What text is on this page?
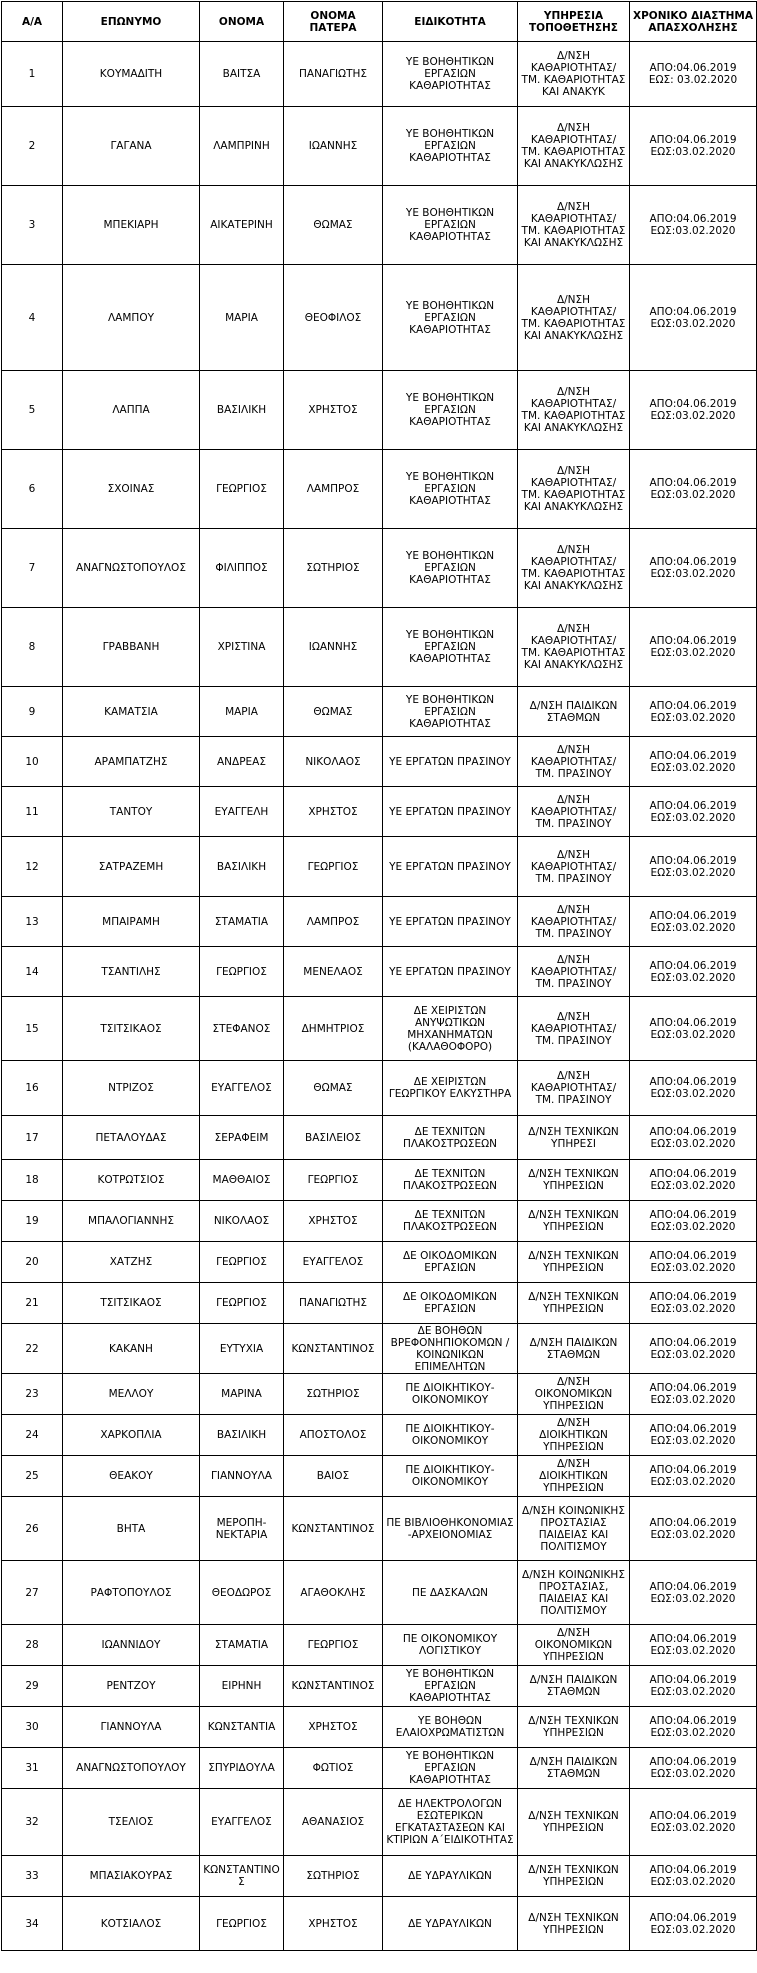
Α/Α	ΕΠΩΝΥΜΟ	ΟΝΟΜΑ	ΟΝΟΜΑ ΠΑΤΕΡΑ	ΕΙΔΙΚΟΤΗΤΑ	ΥΠΗΡΕΣΙΑ ΤΟΠΟΘΕΤΗΣΗΣ	ΧΡΟΝΙΚΟ ΔΙΑΣΤΗΜΑ ΑΠΑΣΧΟΛΗΣΗΣ
1	ΚΟΥΜΑΔΙΤΗ	ΒΑΙΤΣΑ	ΠΑΝΑΓΙΩΤΗΣ	ΥΕ ΒΟΗΘΗΤΙΚΩΝ ΕΡΓΑΣΙΩΝ ΚΑΘΑΡΙΟΤΗΤΑΣ	Δ/ΝΣΗ ΚΑΘΑΡΙΟΤΗΤΑΣ/ ΤΜ. ΚΑΘΑΡΙΟΤΗΤΑΣ ΚΑΙ ΑΝΑΚΥΚ	ΑΠΟ:04.06.2019
ΕΩΣ: 03.02.2020

2	ΓΑΓΑΝΑ	ΛΑΜΠΡΙΝΗ	ΙΩΑΝΝΗΣ	ΥΕ ΒΟΗΘΗΤΙΚΩΝ ΕΡΓΑΣΙΩΝ ΚΑΘΑΡΙΟΤΗΤΑΣ	Δ/ΝΣΗ ΚΑΘΑΡΙΟΤΗΤΑΣ/ ΤΜ. ΚΑΘΑΡΙΟΤΗΤΑΣ ΚΑΙ ΑΝΑΚΥΚΛΩΣΗΣ	ΑΠΟ:04.06.2019
ΕΩΣ:03.02.2020

3	ΜΠΕΚΙΑΡΗ	ΑΙΚΑΤΕΡΙΝΗ	ΘΩΜΑΣ	ΥΕ ΒΟΗΘΗΤΙΚΩΝ ΕΡΓΑΣΙΩΝ ΚΑΘΑΡΙΟΤΗΤΑΣ	Δ/ΝΣΗ ΚΑΘΑΡΙΟΤΗΤΑΣ/ ΤΜ. ΚΑΘΑΡΙΟΤΗΤΑΣ ΚΑΙ ΑΝΑΚΥΚΛΩΣΗΣ	ΑΠΟ:04.06.2019
ΕΩΣ:03.02.2020

4	ΛΑΜΠΟΥ	ΜΑΡΙΑ	ΘΕΟΦΙΛΟΣ	ΥΕ ΒΟΗΘΗΤΙΚΩΝ ΕΡΓΑΣΙΩΝ ΚΑΘΑΡΙΟΤΗΤΑΣ	Δ/ΝΣΗ ΚΑΘΑΡΙΟΤΗΤΑΣ/ ΤΜ. ΚΑΘΑΡΙΟΤΗΤΑΣ ΚΑΙ ΑΝΑΚΥΚΛΩΣΗΣ	ΑΠΟ:04.06.2019
ΕΩΣ:03.02.2020

5	ΛΑΠΠΑ	ΒΑΣΙΛΙΚΗ	ΧΡΗΣΤΟΣ	ΥΕ ΒΟΗΘΗΤΙΚΩΝ ΕΡΓΑΣΙΩΝ ΚΑΘΑΡΙΟΤΗΤΑΣ	Δ/ΝΣΗ ΚΑΘΑΡΙΟΤΗΤΑΣ/ ΤΜ. ΚΑΘΑΡΙΟΤΗΤΑΣ ΚΑΙ ΑΝΑΚΥΚΛΩΣΗΣ	ΑΠΟ:04.06.2019
ΕΩΣ:03.02.2020

6	ΣΧΟΙΝΑΣ	ΓΕΩΡΓΙΟΣ	ΛΑΜΠΡΟΣ	ΥΕ ΒΟΗΘΗΤΙΚΩΝ ΕΡΓΑΣΙΩΝ ΚΑΘΑΡΙΟΤΗΤΑΣ	Δ/ΝΣΗ ΚΑΘΑΡΙΟΤΗΤΑΣ/ ΤΜ. ΚΑΘΑΡΙΟΤΗΤΑΣ ΚΑΙ ΑΝΑΚΥΚΛΩΣΗΣ	ΑΠΟ:04.06.2019
ΕΩΣ:03.02.2020

7	ΑΝΑΓΝΩΣΤΟΠΟΥΛΟΣ	ΦΙΛΙΠΠΟΣ	ΣΩΤΗΡΙΟΣ	ΥΕ ΒΟΗΘΗΤΙΚΩΝ ΕΡΓΑΣΙΩΝ ΚΑΘΑΡΙΟΤΗΤΑΣ	Δ/ΝΣΗ ΚΑΘΑΡΙΟΤΗΤΑΣ/ ΤΜ. ΚΑΘΑΡΙΟΤΗΤΑΣ ΚΑΙ ΑΝΑΚΥΚΛΩΣΗΣ	ΑΠΟ:04.06.2019
ΕΩΣ:03.02.2020

8	ΓΡΑΒΒΑΝΗ	ΧΡΙΣΤΙΝΑ	ΙΩΑΝΝΗΣ	ΥΕ ΒΟΗΘΗΤΙΚΩΝ ΕΡΓΑΣΙΩΝ ΚΑΘΑΡΙΟΤΗΤΑΣ	Δ/ΝΣΗ ΚΑΘΑΡΙΟΤΗΤΑΣ/ ΤΜ. ΚΑΘΑΡΙΟΤΗΤΑΣ ΚΑΙ ΑΝΑΚΥΚΛΩΣΗΣ	ΑΠΟ:04.06.2019
ΕΩΣ:03.02.2020

9	ΚΑΜΑΤΣΙΑ	ΜΑΡΙΑ	ΘΩΜΑΣ	ΥΕ ΒΟΗΘΗΤΙΚΩΝ ΕΡΓΑΣΙΩΝ ΚΑΘΑΡΙΟΤΗΤΑΣ	Δ/ΝΣΗ ΠΑΙΔΙΚΩΝ ΣΤΑΘΜΩΝ	ΑΠΟ:04.06.2019
ΕΩΣ:03.02.2020

10	ΑΡΑΜΠΑΤΖΗΣ	ΑΝΔΡΕΑΣ	ΝΙΚΟΛΑΟΣ	ΥΕ ΕΡΓΑΤΩΝ ΠΡΑΣΙΝΟΥ	Δ/ΝΣΗ ΚΑΘΑΡΙΟΤΗΤΑΣ/ ΤΜ. ΠΡΑΣΙΝΟΥ	ΑΠΟ:04.06.2019
ΕΩΣ:03.02.2020

11	ΤΑΝΤΟΥ	ΕΥΑΓΓΕΛΗ	ΧΡΗΣΤΟΣ	ΥΕ ΕΡΓΑΤΩΝ ΠΡΑΣΙΝΟΥ	Δ/ΝΣΗ ΚΑΘΑΡΙΟΤΗΤΑΣ/ ΤΜ. ΠΡΑΣΙΝΟΥ	ΑΠΟ:04.06.2019
ΕΩΣ:03.02.2020

12	ΣΑΤΡΑΖΕΜΗ	ΒΑΣΙΛΙΚΗ	ΓΕΩΡΓΙΟΣ	ΥΕ ΕΡΓΑΤΩΝ ΠΡΑΣΙΝΟΥ	Δ/ΝΣΗ ΚΑΘΑΡΙΟΤΗΤΑΣ/ ΤΜ. ΠΡΑΣΙΝΟΥ	ΑΠΟ:04.06.2019
ΕΩΣ:03.02.2020

13	ΜΠΑΙΡΑΜΗ	ΣΤΑΜΑΤΙΑ	ΛΑΜΠΡΟΣ	ΥΕ ΕΡΓΑΤΩΝ ΠΡΑΣΙΝΟΥ	Δ/ΝΣΗ ΚΑΘΑΡΙΟΤΗΤΑΣ/ ΤΜ. ΠΡΑΣΙΝΟΥ	ΑΠΟ:04.06.2019
ΕΩΣ:03.02.2020

14	ΤΣΑΝΤΙΛΗΣ	ΓΕΩΡΓΙΟΣ	ΜΕΝΕΛΑΟΣ	ΥΕ ΕΡΓΑΤΩΝ ΠΡΑΣΙΝΟΥ	Δ/ΝΣΗ ΚΑΘΑΡΙΟΤΗΤΑΣ/ ΤΜ. ΠΡΑΣΙΝΟΥ	ΑΠΟ:04.06.2019
ΕΩΣ:03.02.2020

15	ΤΣΙΤΣΙΚΑΟΣ	ΣΤΕΦΑΝΟΣ	ΔΗΜΗΤΡΙΟΣ	ΔΕ ΧΕΙΡΙΣΤΩΝ ΑΝΥΨΩΤΙΚΩΝ ΜΗΧΑΝΗΜΑΤΩΝ (ΚΑΛΑΘΟΦΟΡΟ)	Δ/ΝΣΗ ΚΑΘΑΡΙΟΤΗΤΑΣ/ ΤΜ. ΠΡΑΣΙΝΟΥ	ΑΠΟ:04.06.2019
ΕΩΣ:03.02.2020

16	ΝΤΡΙΖΟΣ	ΕΥΑΓΓΕΛΟΣ	ΘΩΜΑΣ	ΔΕ ΧΕΙΡΙΣΤΩΝ ΓΕΩΡΓΙΚΟΥ ΕΛΚΥΣΤΗΡΑ	Δ/ΝΣΗ ΚΑΘΑΡΙΟΤΗΤΑΣ/ ΤΜ. ΠΡΑΣΙΝΟΥ	ΑΠΟ:04.06.2019
ΕΩΣ:03.02.2020

17	ΠΕΤΑΛΟΥΔΑΣ	ΣΕΡΑΦΕΙΜ	ΒΑΣΙΛΕΙΟΣ	ΔΕ ΤΕΧΝΙΤΩΝ ΠΛΑΚΟΣΤΡΩΣΕΩΝ	Δ/ΝΣΗ ΤΕΧΝΙΚΩΝ ΥΠΗΡΕΣΙ	ΑΠΟ:04.06.2019
ΕΩΣ:03.02.2020

18	ΚΟΤΡΩΤΣΙΟΣ	ΜΑΘΘΑΙΟΣ	ΓΕΩΡΓΙΟΣ	ΔΕ ΤΕΧΝΙΤΩΝ ΠΛΑΚΟΣΤΡΩΣΕΩΝ	Δ/ΝΣΗ ΤΕΧΝΙΚΩΝ ΥΠΗΡΕΣΙΩΝ	ΑΠΟ:04.06.2019
ΕΩΣ:03.02.2020

19	ΜΠΑΛΟΓΙΑΝΝΗΣ	ΝΙΚΟΛΑΟΣ	ΧΡΗΣΤΟΣ	ΔΕ ΤΕΧΝΙΤΩΝ ΠΛΑΚΟΣΤΡΩΣΕΩΝ	Δ/ΝΣΗ ΤΕΧΝΙΚΩΝ ΥΠΗΡΕΣΙΩΝ	ΑΠΟ:04.06.2019
ΕΩΣ:03.02.2020

20	ΧΑΤΖΗΣ	ΓΕΩΡΓΙΟΣ	ΕΥΑΓΓΕΛΟΣ	ΔΕ ΟΙΚΟΔΟΜΙΚΩΝ ΕΡΓΑΣΙΩΝ	Δ/ΝΣΗ ΤΕΧΝΙΚΩΝ ΥΠΗΡΕΣΙΩΝ	ΑΠΟ:04.06.2019
ΕΩΣ:03.02.2020

21	ΤΣΙΤΣΙΚΑΟΣ	ΓΕΩΡΓΙΟΣ	ΠΑΝΑΓΙΩΤΗΣ	ΔΕ ΟΙΚΟΔΟΜΙΚΩΝ ΕΡΓΑΣΙΩΝ	Δ/ΝΣΗ ΤΕΧΝΙΚΩΝ ΥΠΗΡΕΣΙΩΝ	ΑΠΟ:04.06.2019
ΕΩΣ:03.02.2020

22	ΚΑΚΑΝΗ	ΕΥΤΥΧΙΑ	ΚΩΝΣΤΑΝΤΙΝΟΣ	ΔΕ ΒΟΗΘΩΝ ΒΡΕΦΟΝΗΠΙΟΚΟΜΩΝ /ΚΟΙΝΩΝΙΚΩΝ ΕΠΙΜΕΛΗΤΩΝ	Δ/ΝΣΗ ΠΑΙΔΙΚΩΝ ΣΤΑΘΜΩΝ	ΑΠΟ:04.06.2019
ΕΩΣ:03.02.2020

23	ΜΕΛΛΟΥ	ΜΑΡΙΝΑ	ΣΩΤΗΡΙΟΣ	ΠΕ ΔΙΟΙΚΗΤΙΚΟΥ-ΟΙΚΟΝΟΜΙΚΟΥ	Δ/ΝΣΗ ΟΙΚΟΝΟΜΙΚΩΝ ΥΠΗΡΕΣΙΩΝ	ΑΠΟ:04.06.2019
ΕΩΣ:03.02.2020

24	ΧΑΡΚΟΠΛΙΑ	ΒΑΣΙΛΙΚΗ	ΑΠΟΣΤΟΛΟΣ	ΠΕ ΔΙΟΙΚΗΤΙΚΟΥ-ΟΙΚΟΝΟΜΙΚΟΥ	Δ/ΝΣΗ ΔΙΟΙΚΗΤΙΚΩΝ ΥΠΗΡΕΣΙΩΝ	ΑΠΟ:04.06.2019
ΕΩΣ:03.02.2020

25	ΘΕΑΚΟΥ	ΓΙΑΝΝΟΥΛΑ	ΒΑΙΟΣ	ΠΕ ΔΙΟΙΚΗΤΙΚΟΥ-ΟΙΚΟΝΟΜΙΚΟΥ	Δ/ΝΣΗ ΔΙΟΙΚΗΤΙΚΩΝ ΥΠΗΡΕΣΙΩΝ	ΑΠΟ:04.06.2019
ΕΩΣ:03.02.2020

26	ΒΗΤΑ	ΜΕΡΟΠΗ-ΝΕΚΤΑΡΙΑ	ΚΩΝΣΤΑΝΤΙΝΟΣ	ΠΕ ΒΙΒΛΙΟΘΗΚΟΝΟΜΙΑΣ -ΑΡΧΕΙΟΝΟΜΙΑΣ	Δ/ΝΣΗ ΚΟΙΝΩΝΙΚΗΣ ΠΡΟΣΤΑΣΙΑΣ ΠΑΙΔΕΙΑΣ ΚΑΙ ΠΟΛΙΤΙΣΜΟΥ	ΑΠΟ:04.06.2019
ΕΩΣ:03.02.2020

27	ΡΑΦΤΟΠΟΥΛΟΣ	ΘΕΟΔΩΡΟΣ	ΑΓΑΘΟΚΛΗΣ	ΠΕ ΔΑΣΚΑΛΩΝ	Δ/ΝΣΗ ΚΟΙΝΩΝΙΚΗΣ ΠΡΟΣΤΑΣΙΑΣ, ΠΑΙΔΕΙΑΣ ΚΑΙ ΠΟΛΙΤΙΣΜΟΥ	ΑΠΟ:04.06.2019
ΕΩΣ:03.02.2020

28	ΙΩΑΝΝΙΔΟΥ	ΣΤΑΜΑΤΙΑ	ΓΕΩΡΓΙΟΣ	ΠΕ ΟΙΚΟΝΟΜΙΚΟΥ ΛΟΓΙΣΤΙΚΟΥ	Δ/ΝΣΗ ΟΙΚΟΝΟΜΙΚΩΝ ΥΠΗΡΕΣΙΩΝ	ΑΠΟ:04.06.2019
ΕΩΣ:03.02.2020

29	ΡΕΝΤΖΟΥ	ΕΙΡΗΝΗ	ΚΩΝΣΤΑΝΤΙΝΟΣ	ΥΕ ΒΟΗΘΗΤΙΚΩΝ ΕΡΓΑΣΙΩΝ ΚΑΘΑΡΙΟΤΗΤΑΣ	Δ/ΝΣΗ ΠΑΙΔΙΚΩΝ ΣΤΑΘΜΩΝ	ΑΠΟ:04.06.2019
ΕΩΣ:03.02.2020

30	ΓΙΑΝΝΟΥΛΑ	ΚΩΝΣΤΑΝΤΙΑ	ΧΡΗΣΤΟΣ	ΥΕ ΒΟΗΘΩΝ ΕΛΑΙΟΧΡΩΜΑΤΙΣΤΩΝ	Δ/ΝΣΗ ΤΕΧΝΙΚΩΝ ΥΠΗΡΕΣΙΩΝ	ΑΠΟ:04.06.2019
ΕΩΣ:03.02.2020

31	ΑΝΑΓΝΩΣΤΟΠΟΥΛΟΥ	ΣΠΥΡΙΔΟΥΛΑ	ΦΩΤΙΟΣ	ΥΕ ΒΟΗΘΗΤΙΚΩΝ ΕΡΓΑΣΙΩΝ ΚΑΘΑΡΙΟΤΗΤΑΣ	Δ/ΝΣΗ ΠΑΙΔΙΚΩΝ ΣΤΑΘΜΩΝ	ΑΠΟ:04.06.2019
ΕΩΣ:03.02.2020

32	ΤΣΕΛΙΟΣ	ΕΥΑΓΓΕΛΟΣ	ΑΘΑΝΑΣΙΟΣ	ΔΕ ΗΛΕΚΤΡΟΛΟΓΩΝ ΕΣΩΤΕΡΙΚΩΝ ΕΓΚΑΤΑΣΤΑΣΕΩΝ ΚΑΙ ΚΤΙΡΙΩΝ Α΄ΕΙΔΙΚΟΤΗΤΑΣ	Δ/ΝΣΗ ΤΕΧΝΙΚΩΝ ΥΠΗΡΕΣΙΩΝ	ΑΠΟ:04.06.2019
ΕΩΣ:03.02.2020

33	ΜΠΑΣΙΑΚΟΥΡΑΣ	ΚΩΝΣΤΑΝΤΙΝΟΣ	ΣΩΤΗΡΙΟΣ	ΔΕ ΥΔΡΑΥΛΙΚΩΝ	Δ/ΝΣΗ ΤΕΧΝΙΚΩΝ ΥΠΗΡΕΣΙΩΝ	ΑΠΟ:04.06.2019
ΕΩΣ:03.02.2020

34	ΚΟΤΣΙΑΛΟΣ	ΓΕΩΡΓΙΟΣ	ΧΡΗΣΤΟΣ	ΔΕ ΥΔΡΑΥΛΙΚΩΝ	Δ/ΝΣΗ ΤΕΧΝΙΚΩΝ ΥΠΗΡΕΣΙΩΝ	ΑΠΟ:04.06.2019
ΕΩΣ:03.02.2020
